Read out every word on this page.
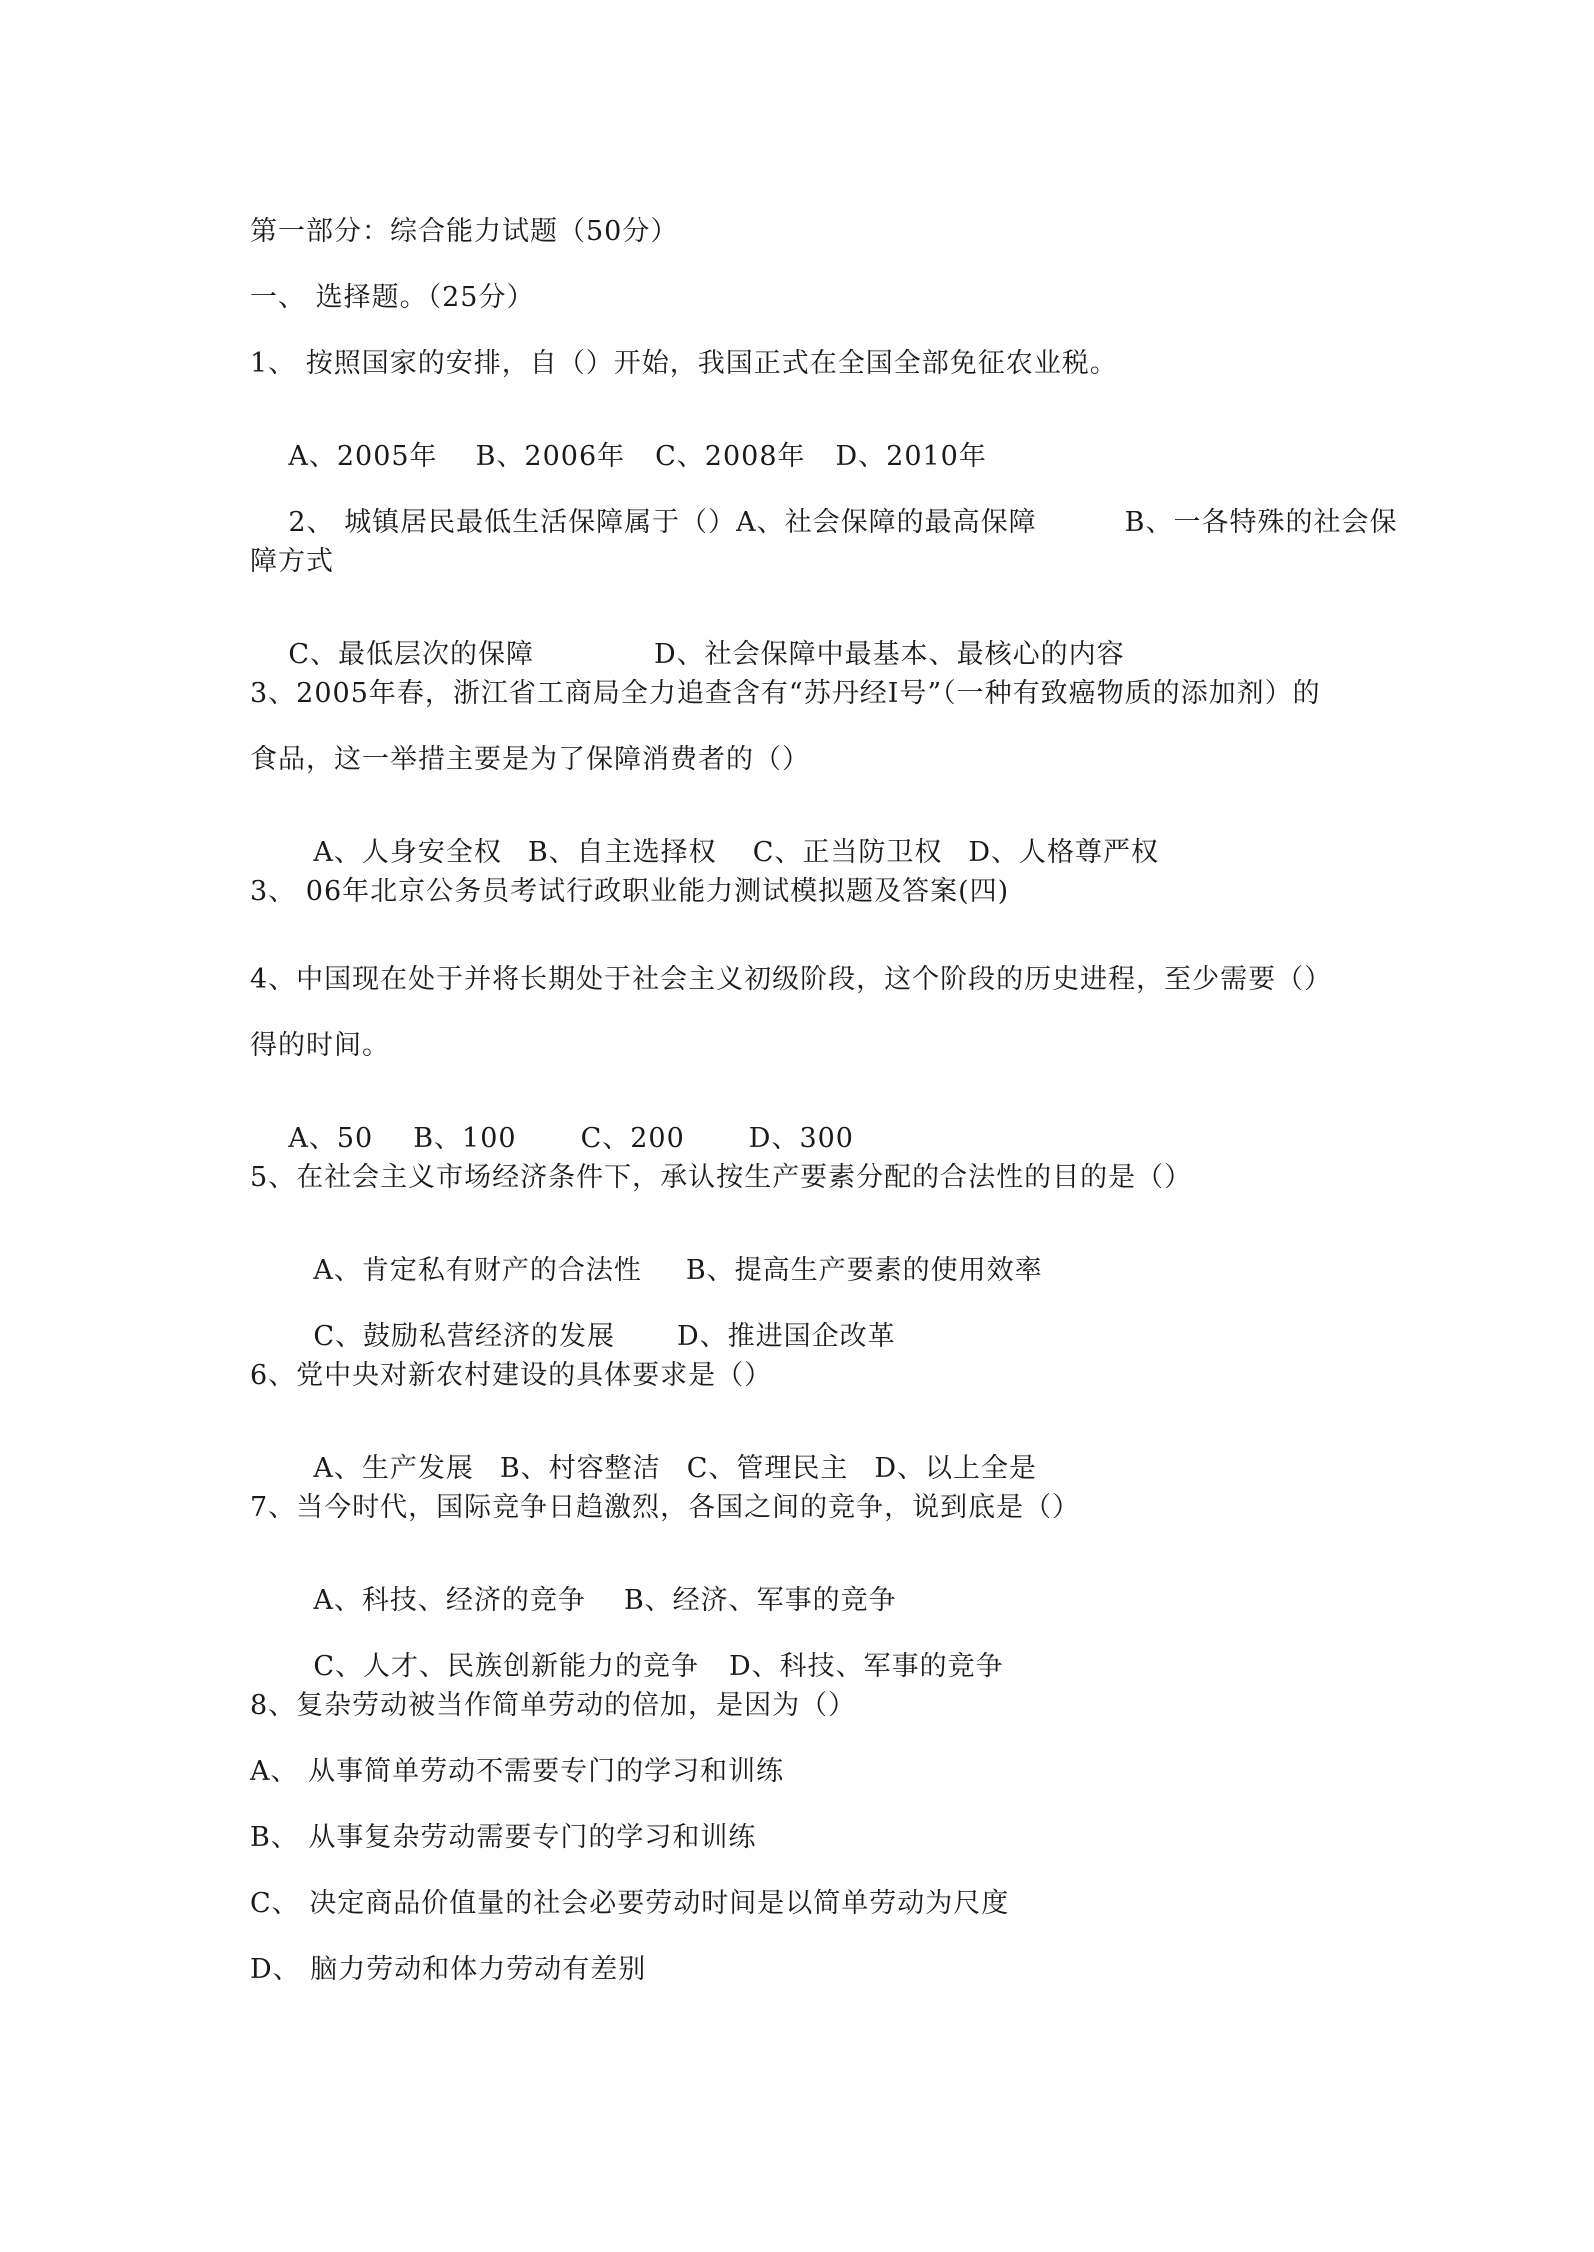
第一部分：综合能力试题（50分）
一、 选择题。（25分）
1、 按照国家的安排，自（）开始，我国正式在全国全部免征农业税。

A、2005年 B、2006年 C、2008年 D、2010年

2、 城镇居民最低生活保障属于（）A、社会保障的最高保障	B、一各特殊的社会保

障方式

C、最低层次的保障	D、社会保障中最基本、最核心的内容

3、2005年春，浙江省工商局全力追查含有“苏丹经I号”（一种有致癌物质的添加剂）的
食品，这一举措主要是为了保障消费者的（）

A、人身安全权 B、自主选择权 C、正当防卫权 D、人格尊严权

3、 06年北京公务员考试行政职业能力测试模拟题及答案(四)
4、中国现在处于并将长期处于社会主义初级阶段，这个阶段的历史进程，至少需要（）
得的时间。

A、50 B、100 C、200 D、300

5、在社会主义市场经济条件下，承认按生产要素分配的合法性的目的是（）

A、肯定私有财产的合法性 B、提高生产要素的使用效率

C、鼓励私营经济的发展 D、推进国企改革

6、党中央对新农村建设的具体要求是（）

A、生产发展 B、村容整洁 C、管理民主 D、以上全是

7、当今时代，国际竞争日趋激烈，各国之间的竞争，说到底是（）

A、科技、经济的竞争 B、经济、军事的竞争

C、人才、民族创新能力的竞争 D、科技、军事的竞争

8、复杂劳动被当作简单劳动的倍加，是因为（）
A、 从事简单劳动不需要专门的学习和训练
B、 从事复杂劳动需要专门的学习和训练
C、 决定商品价值量的社会必要劳动时间是以简单劳动为尺度
D、 脑力劳动和体力劳动有差别
